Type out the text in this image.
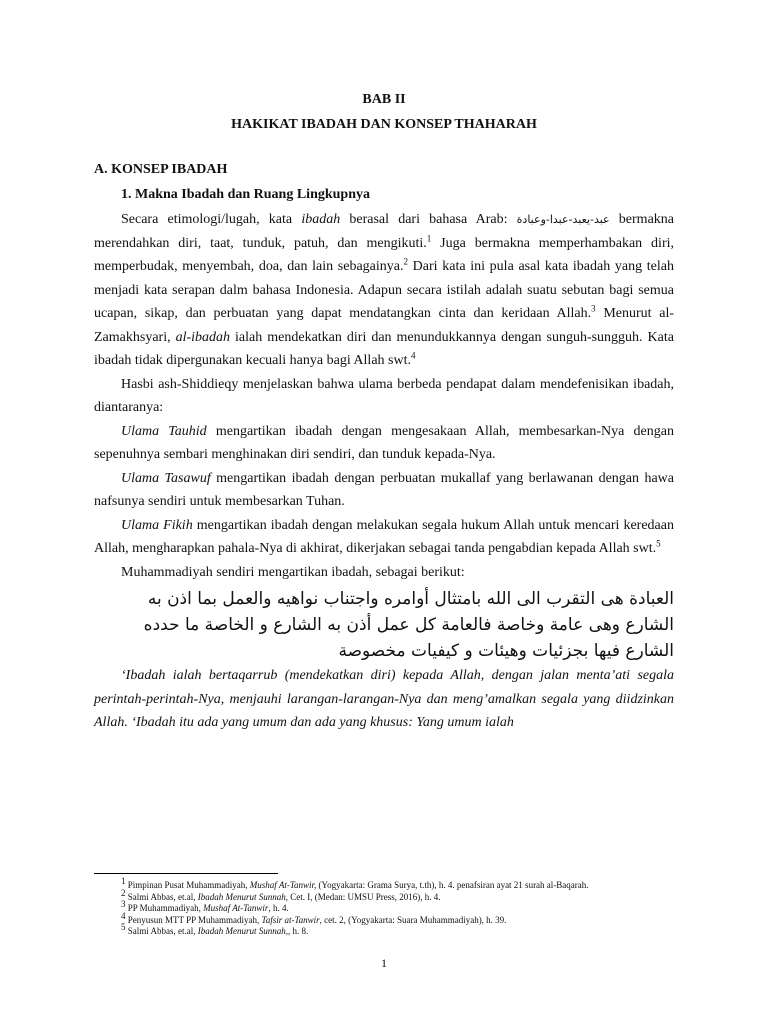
BAB II
HAKIKAT IBADAH DAN KONSEP THAHARAH
A. KONSEP IBADAH
1. Makna Ibadah dan Ruang Lingkupnya

Secara etimologi/lugah, kata ibadah berasal dari bahasa Arab: عبد-يعبد-عبدا-وعبادة bermakna merendahkan diri, taat, tunduk, patuh, dan mengikuti.$^1$ Juga bermakna memperhambakan diri, memperbudak, menyembah, doa, dan lain sebagainya.$^2$ Dari kata ini pula asal kata ibadah yang telah menjadi kata serapan dalm bahasa Indonesia. Adapun secara istilah adalah suatu sebutan bagi semua ucapan, sikap, dan perbuatan yang dapat mendatangkan cinta dan keridaan Allah.$^3$ Menurut al-Zamakhsyari, al-ibadah ialah mendekatkan diri dan menundukkannya dengan sunguh-sungguh. Kata ibadah tidak dipergunakan kecuali hanya bagi Allah swt.$^4$

Hasbi ash-Shiddieqy menjelaskan bahwa ulama berbeda pendapat dalam mendefenisikan ibadah, diantaranya:

Ulama Tauhid mengartikan ibadah dengan mengesakaan Allah, membesarkan-Nya dengan sepenuhnya sembari menghinakan diri sendiri, dan tunduk kepada-Nya.

Ulama Tasawuf mengartikan ibadah dengan perbuatan mukallaf yang berlawanan dengan hawa nafsunya sendiri untuk membesarkan Tuhan.

Ulama Fikih mengartikan ibadah dengan melakukan segala hukum Allah untuk mencari keredaan Allah, mengharapkan pahala-Nya di akhirat, dikerjakan sebagai tanda pengabdian kepada Allah swt.$^5$

Muhammadiyah sendiri mengartikan ibadah, sebagai berikut:

العبادة هى التقرب الى الله بامتثال أوامره واجتناب نواهيه والعمل بما اذن به الشارع وهى عامة وخاصة فالعامة كل عمل أذن به الشارع و الخاصة ما حدده الشارع فيها بجزئيات وهيئات و كيفيات مخصوصة

‘Ibadah ialah bertaqarrub (mendekatkan diri) kepada Allah, dengan jalan menta’ati segala perintah-perintah-Nya, menjauhi larangan-larangan-Nya dan meng’amalkan segala yang diidzinkan Allah. ‘Ibadah itu ada yang umum dan ada yang khusus: Yang umum ialah

$^1$ Pimpinan Pusat Muhammadiyah, Mushaf At-Tanwir, (Yogyakarta: Grama Surya, t.th), h. 4. penafsiran ayat 21 surah al-Baqarah.
$^2$ Salmi Abbas, et.al, Ibadah Menurut Sunnah, Cet. I, (Medan: UMSU Press, 2016), h. 4.
$^3$ PP Muhammadiyah, Mushaf At-Tanwir, h. 4.
$^4$ Penyusun MTT PP Muhammadiyah, Tafsir at-Tanwir, cet. 2, (Yogyakarta: Suara Muhammadiyah), h. 39.
$^5$ Salmi Abbas, et.al, Ibadah Menurut Sunnah,, h. 8.
1
